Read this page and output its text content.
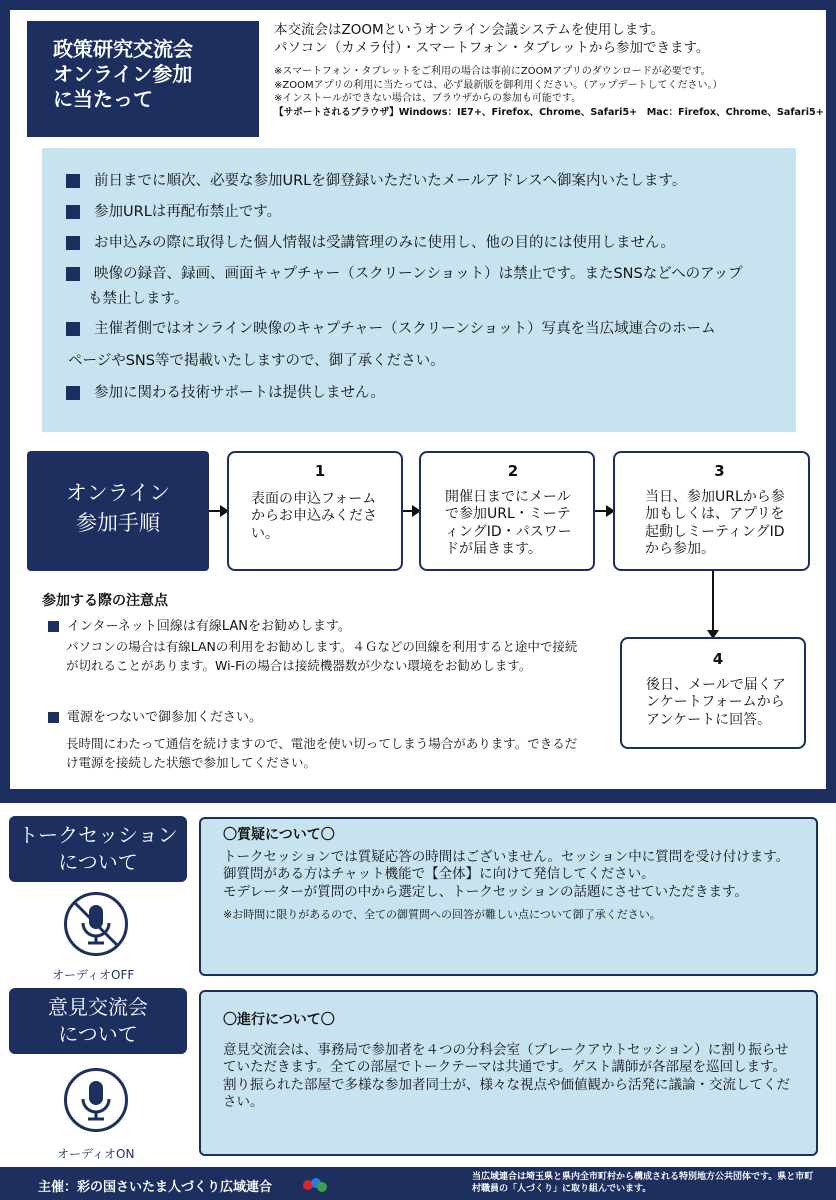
政策研究交流会
オンライン参加
に当たって
本交流会はZOOMというオンライン会議システムを使用します。
パソコン（カメラ付）・スマートフォン・タブレットから参加できます。
※スマートフォン・タブレットをご利用の場合は事前にZOOMアプリのダウンロードが必要です。
※ZOOMアプリの利用に当たっては、必ず最新版を御利用ください。（アップデートしてください。）
※インストールができない場合は、ブラウザからの参加も可能です。
【サポートされるブラウザ】Windows：IE7+、Firefox、Chrome、Safari5+　Mac：Firefox、Chrome、Safari5+
前日までに順次、必要な参加URLを御登録いただいたメールアドレスへ御案内いたします。
参加URLは再配布禁止です。
お申込みの際に取得した個人情報は受講管理のみに使用し、他の目的には使用しません。
映像の録音、録画、画面キャプチャー（スクリーンショット）は禁止です。またSNSなどへのアップ
も禁止します。
主催者側ではオンライン映像のキャプチャー（スクリーンショット）写真を当広域連合のホーム
ページやSNS等で掲載いたしますので、御了承ください。
参加に関わる技術サポートは提供しません。
オンライン
参加手順
1
表面の申込フォームからお申込みください。
2
開催日までにメールで参加URL・ミーティングID・パスワードが届きます。
3
当日、参加URLから参加もしくは、アプリを起動しミーティングIDから参加。
4
後日、メールで届くアンケートフォームからアンケートに回答。
参加する際の注意点
インターネット回線は有線LANをお勧めします。
パソコンの場合は有線LANの利用をお勧めします。４Ｇなどの回線を利用すると途中で接続が切れることがあります。Wi-Fiの場合は接続機器数が少ない環境をお勧めします。
電源をつないで御参加ください。
長時間にわたって通信を続けますので、電池を使い切ってしまう場合があります。できるだけ電源を接続した状態で参加してください。
トークセッション
について
オーディオOFF
〇質疑について〇
トークセッションでは質疑応答の時間はございません。セッション中に質問を受け付けます。御質問がある方はチャット機能で【全体】に向けて発信してください。
モデレーターが質問の中から選定し、トークセッションの話題にさせていただきます。
※お時間に限りがあるので、全ての御質問への回答が難しい点について御了承ください。
意見交流会
について
オーディオON
〇進行について〇
意見交流会は、事務局で参加者を４つの分科会室（ブレークアウトセッション）に割り振らせていただきます。全ての部屋でトークテーマは共通です。ゲスト講師が各部屋を巡回します。割り振られた部屋で多様な参加者同士が、様々な視点や価値観から活発に議論・交流してください。
主催：彩の国さいたま人づくり広域連合
当広域連合は埼玉県と県内全市町村から構成される特別地方公共団体です。県と市町村職員の「人づくり」に取り組んでいます。
